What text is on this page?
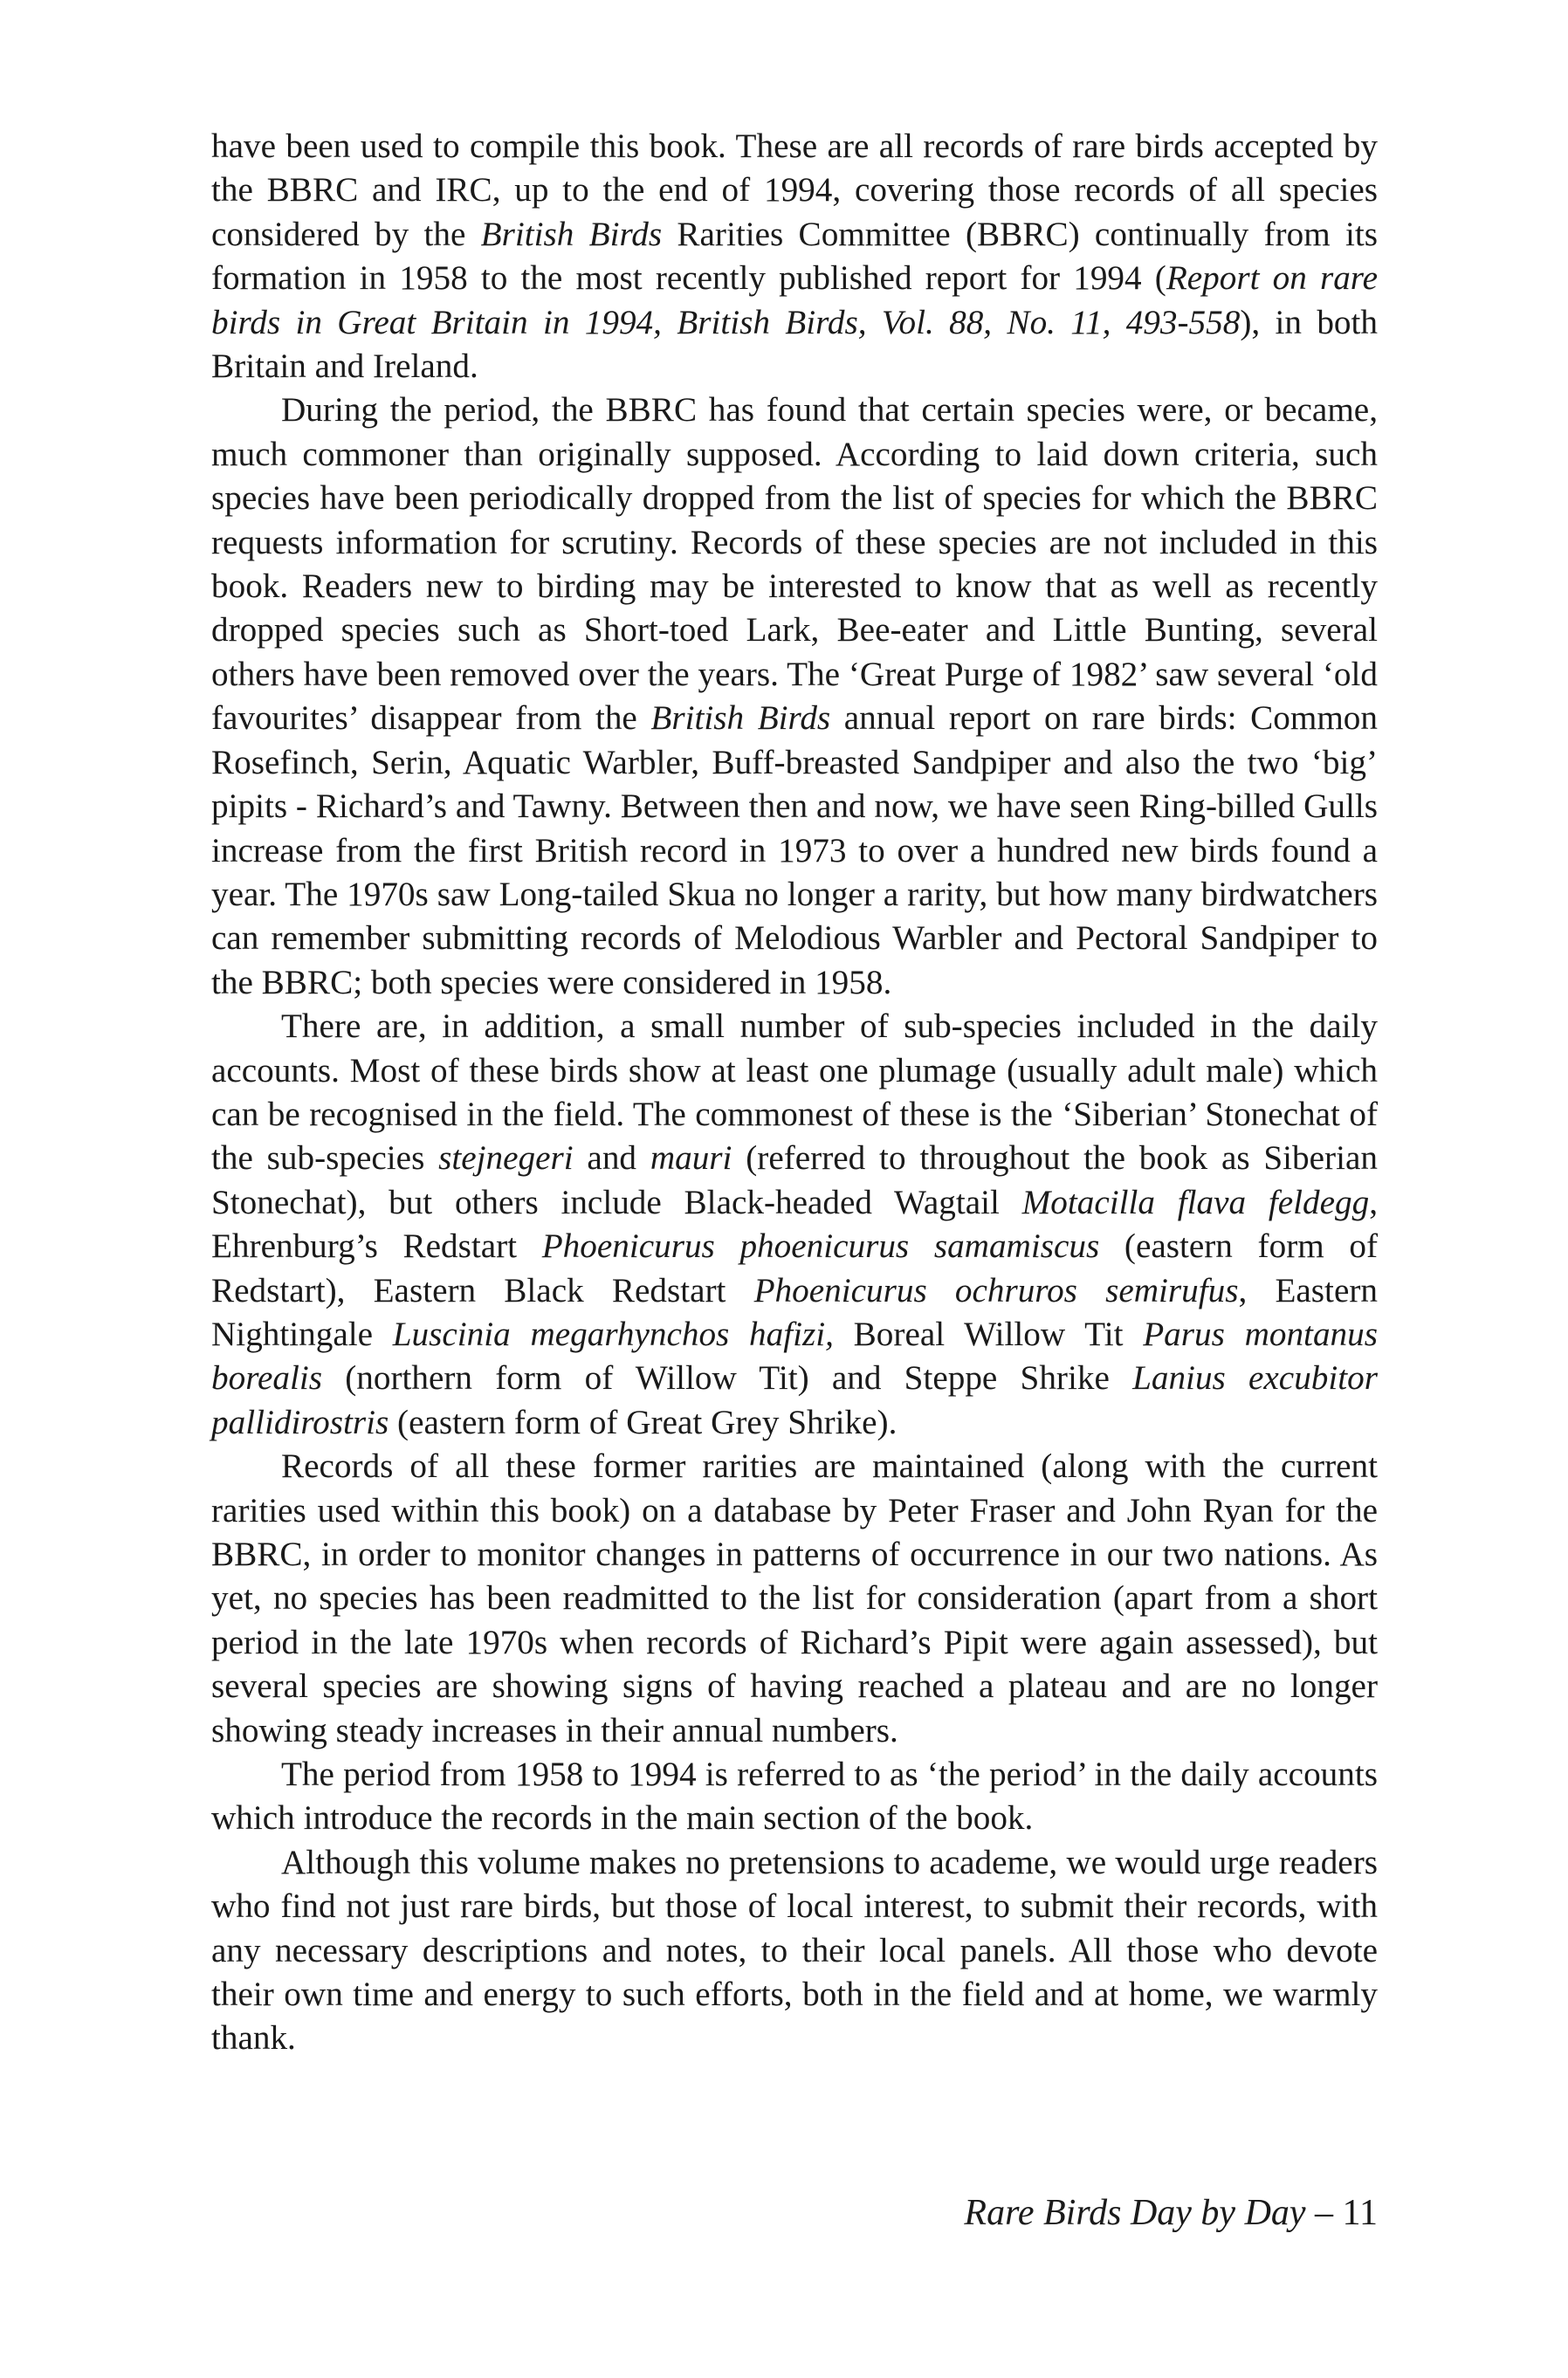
have been used to compile this book. These are all records of rare birds accepted by the BBRC and IRC, up to the end of 1994, covering those records of all species considered by the British Birds Rarities Committee (BBRC) continually from its formation in 1958 to the most recently published report for 1994 (Report on rare birds in Great Britain in 1994, British Birds, Vol. 88, No. 11, 493-558), in both Britain and Ireland.

During the period, the BBRC has found that certain species were, or became, much commoner than originally supposed. According to laid down criteria, such species have been periodically dropped from the list of species for which the BBRC requests information for scrutiny. Records of these species are not included in this book. Readers new to birding may be interested to know that as well as recently dropped species such as Short-toed Lark, Bee-eater and Little Bunting, several others have been removed over the years. The ‘Great Purge of 1982’ saw several ‘old favourites’ disappear from the British Birds annual report on rare birds: Common Rosefinch, Serin, Aquatic Warbler, Buff-breasted Sandpiper and also the two ‘big’ pipits - Richard’s and Tawny. Between then and now, we have seen Ring-billed Gulls increase from the first British record in 1973 to over a hundred new birds found a year. The 1970s saw Long-tailed Skua no longer a rarity, but how many birdwatchers can remember submitting records of Melodious Warbler and Pectoral Sandpiper to the BBRC; both species were considered in 1958.

There are, in addition, a small number of sub-species included in the daily accounts. Most of these birds show at least one plumage (usually adult male) which can be recognised in the field. The commonest of these is the ‘Siberian’ Stonechat of the sub-species stejnegeri and mauri (referred to throughout the book as Siberian Stonechat), but others include Black-headed Wagtail Motacilla flava feldegg, Ehrenburg’s Redstart Phoenicurus phoenicurus samamiscus (eastern form of Redstart), Eastern Black Redstart Phoenicurus ochruros semirufus, Eastern Nightingale Luscinia megarhynchos hafizi, Boreal Willow Tit Parus montanus borealis (northern form of Willow Tit) and Steppe Shrike Lanius excubitor pallidirostris (eastern form of Great Grey Shrike).

Records of all these former rarities are maintained (along with the current rarities used within this book) on a database by Peter Fraser and John Ryan for the BBRC, in order to monitor changes in patterns of occurrence in our two nations. As yet, no species has been readmitted to the list for consideration (apart from a short period in the late 1970s when records of Richard’s Pipit were again assessed), but several species are showing signs of having reached a plateau and are no longer showing steady increases in their annual numbers.

The period from 1958 to 1994 is referred to as ‘the period’ in the daily accounts which introduce the records in the main section of the book.

Although this volume makes no pretensions to academe, we would urge readers who find not just rare birds, but those of local interest, to submit their records, with any necessary descriptions and notes, to their local panels. All those who devote their own time and energy to such efforts, both in the field and at home, we warmly thank.

Rare Birds Day by Day – 11
